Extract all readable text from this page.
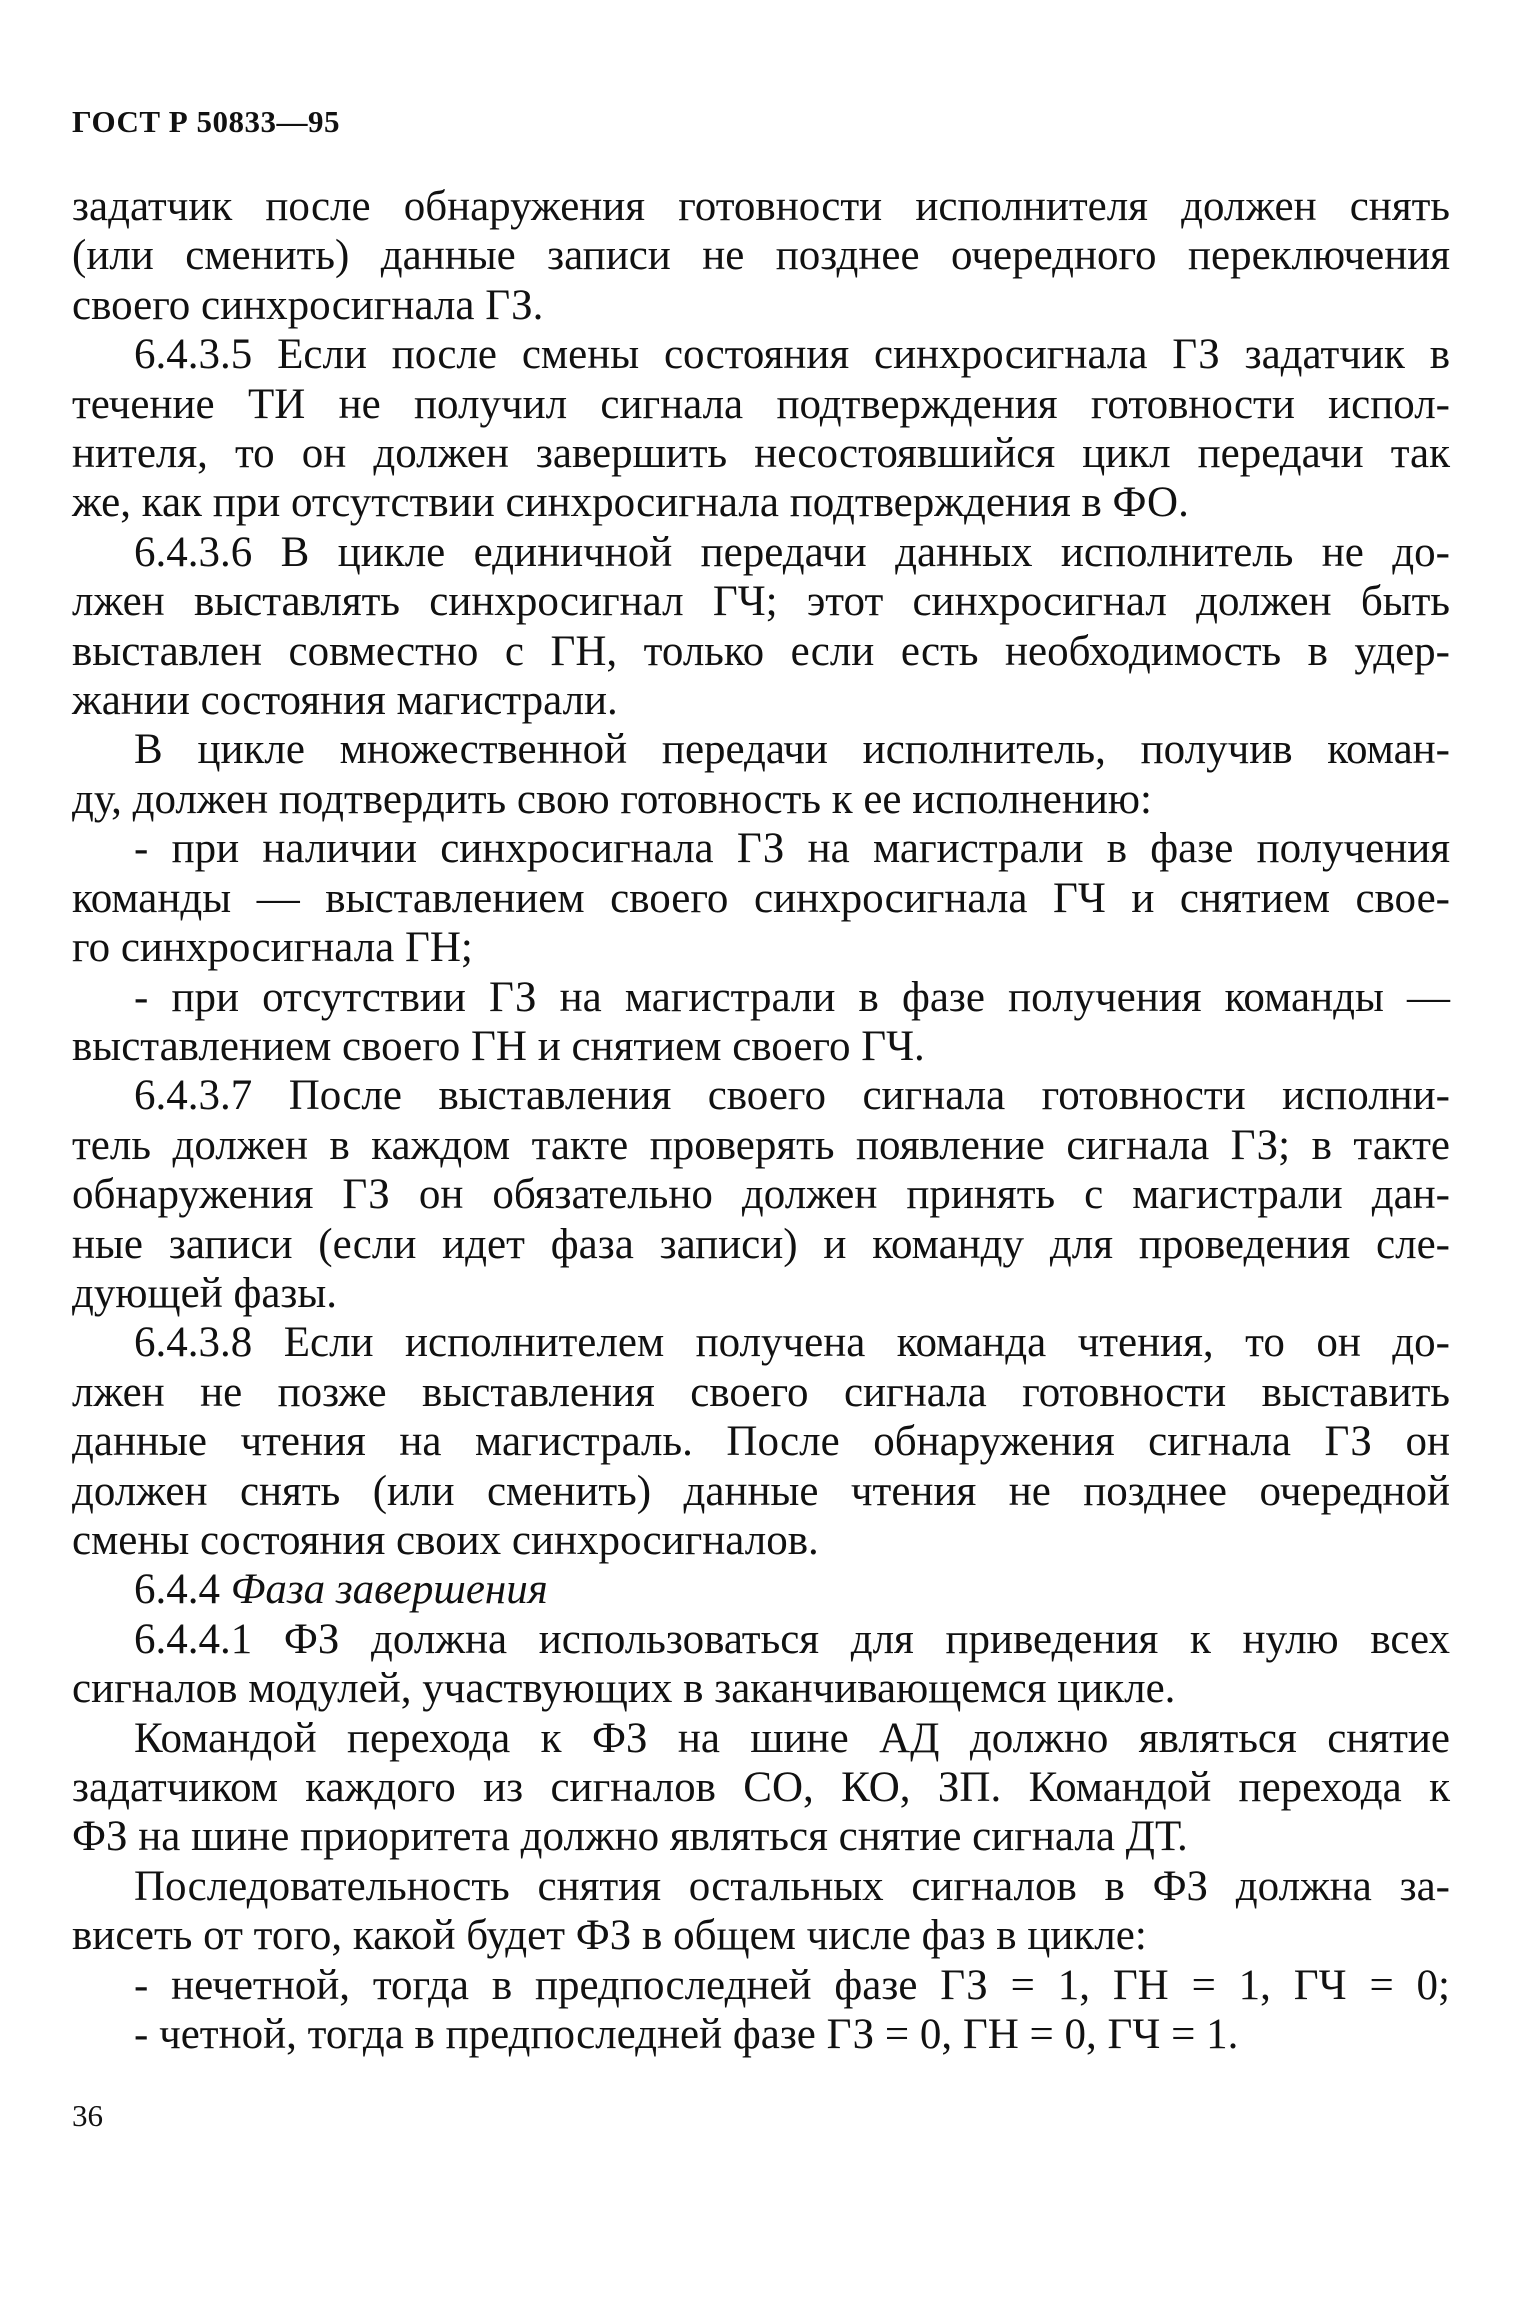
ГОСТ Р 50833—95
задатчик после обнаружения готовности исполнителя должен снять
(или сменить) данные записи не позднее очередного переключения
своего синхросигнала ГЗ.
6.4.3.5 Если после смены состояния синхросигнала ГЗ задатчик в
течение ТИ не получил сигнала подтверждения готовности испол-
нителя, то он должен завершить несостоявшийся цикл передачи так
же, как при отсутствии синхросигнала подтверждения в ФО.
6.4.3.6 В цикле единичной передачи данных исполнитель не до-
лжен выставлять синхросигнал ГЧ; этот синхросигнал должен быть
выставлен совместно с ГН, только если есть необходимость в удер-
жании состояния магистрали.
В цикле множественной передачи исполнитель, получив коман-
ду, должен подтвердить свою готовность к ее исполнению:
- при наличии синхросигнала ГЗ на магистрали в фазе получения
команды — выставлением своего синхросигнала ГЧ и снятием свое-
го синхросигнала ГН;
- при отсутствии ГЗ на магистрали в фазе получения команды —
выставлением своего ГН и снятием своего ГЧ.
6.4.3.7 После выставления своего сигнала готовности исполни-
тель должен в каждом такте проверять появление сигнала ГЗ; в такте
обнаружения ГЗ он обязательно должен принять с магистрали дан-
ные записи (если идет фаза записи) и команду для проведения сле-
дующей фазы.
6.4.3.8 Если исполнителем получена команда чтения, то он до-
лжен не позже выставления своего сигнала готовности выставить
данные чтения на магистраль. После обнаружения сигнала ГЗ он
должен снять (или сменить) данные чтения не позднее очередной
смены состояния своих синхросигналов.
6.4.4 Фаза завершения
6.4.4.1 ФЗ должна использоваться для приведения к нулю всех
сигналов модулей, участвующих в заканчивающемся цикле.
Командой перехода к ФЗ на шине АД должно являться снятие
задатчиком каждого из сигналов СО, КО, ЗП. Командой перехода к
ФЗ на шине приоритета должно являться снятие сигнала ДТ.
Последовательность снятия остальных сигналов в ФЗ должна за-
висеть от того, какой будет ФЗ в общем числе фаз в цикле:
- нечетной, тогда в предпоследней фазе ГЗ = 1, ГН = 1, ГЧ = 0;
- четной, тогда в предпоследней фазе ГЗ = 0, ГН = 0, ГЧ = 1.
36
